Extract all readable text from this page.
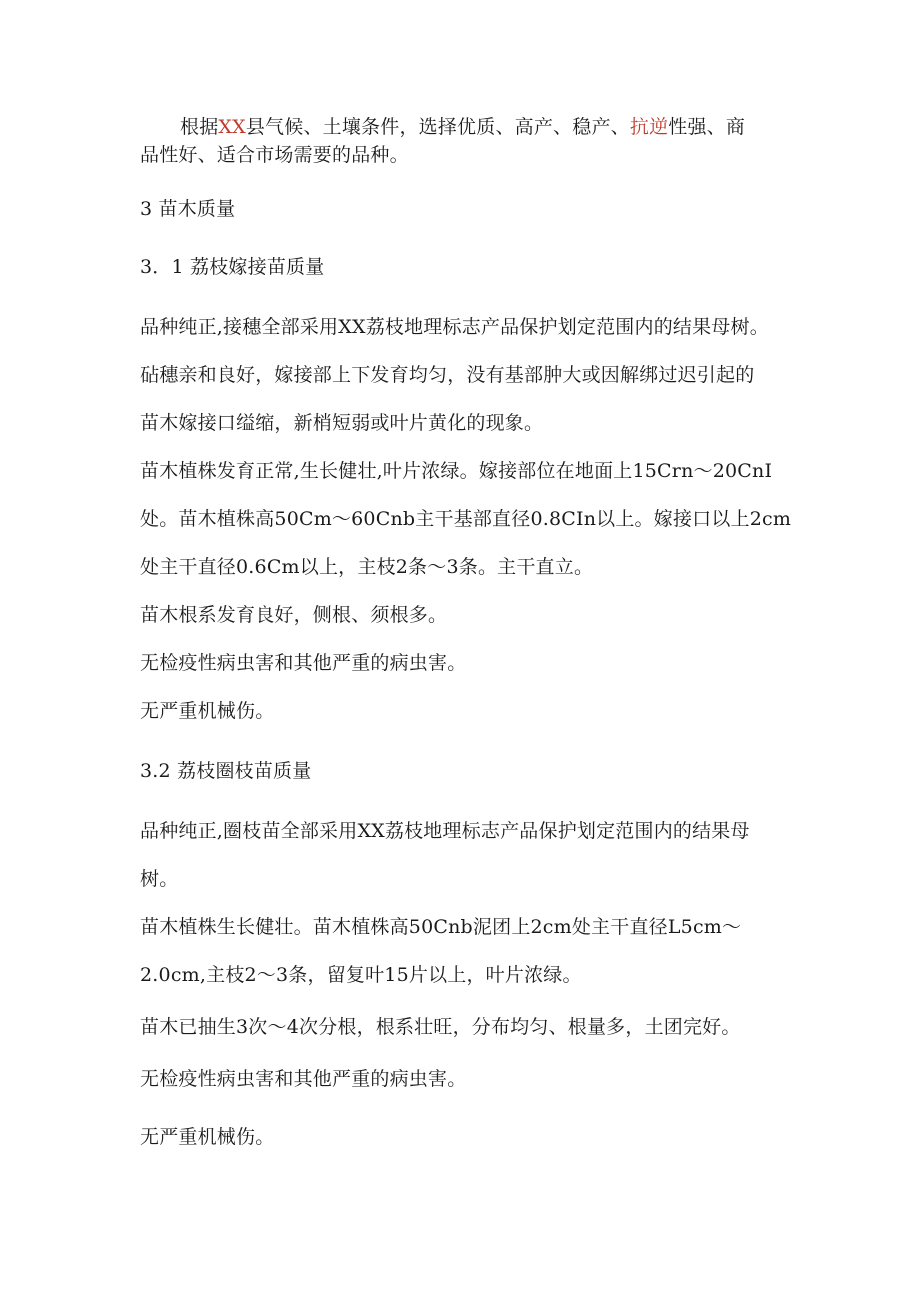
根据XX县气候、土壤条件，选择优质、高产、稳产、抗逆性强、商
品性好、适合市场需要的品种。
3 苗木质量
3．1 荔枝嫁接苗质量
品种纯正,接穗全部采用XX荔枝地理标志产品保护划定范围内的结果母树。
砧穗亲和良好，嫁接部上下发育均匀，没有基部肿大或因解绑过迟引起的
苗木嫁接口缢缩，新梢短弱或叶片黄化的现象。
苗木植株发育正常,生长健壮,叶片浓绿。嫁接部位在地面上15Crn～20CnI
处。苗木植株高50Cm～60Cnb主干基部直径0.8CIn以上。嫁接口以上2cm
处主干直径0.6Cm以上，主枝2条～3条。主干直立。
苗木根系发育良好，侧根、须根多。
无检疫性病虫害和其他严重的病虫害。
无严重机械伤。
3.2 荔枝圈枝苗质量
品种纯正,圈枝苗全部采用XX荔枝地理标志产品保护划定范围内的结果母
树。
苗木植株生长健壮。苗木植株高50Cnb泥团上2cm处主干直径L5cm～
2.0cm,主枝2～3条，留复叶15片以上，叶片浓绿。
苗木已抽生3次～4次分根，根系壮旺，分布均匀、根量多，土团完好。
无检疫性病虫害和其他严重的病虫害。
无严重机械伤。
